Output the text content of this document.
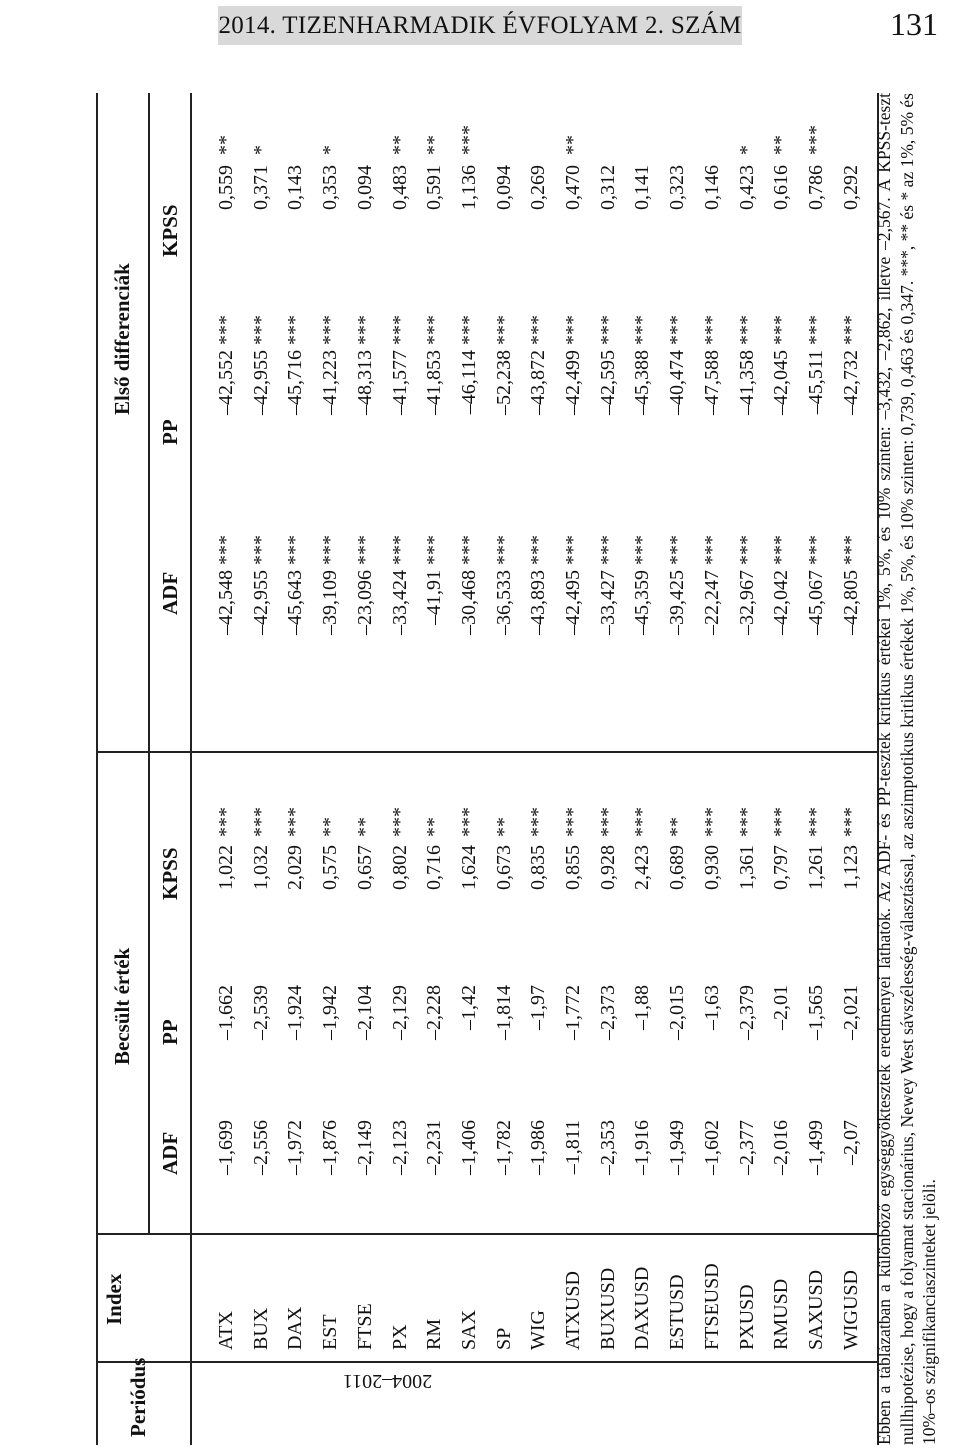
2014. TIZENHARMADIK ÉVFOLYAM 2. SZÁM	131
Periódus
Index
Becsült érték
Első differenciák
ADF
PP
KPSS
ADF
PP
KPSS
2004–2011
ATX
–1,699
–1,662
1,022
***
–42,548
***
–42,552
***
0,559
**
BUX
–2,556
–2,539
1,032
***
–42,955
***
–42,955
***
0,371
*
DAX
–1,972
–1,924
2,029
***
–45,643
***
–45,716
***
0,143
EST
–1,876
–1,942
0,575
**
–39,109
***
–41,223
***
0,353
*
FTSE
–2,149
–2,104
0,657
**
–23,096
***
–48,313
***
0,094
PX
–2,123
–2,129
0,802
***
–33,424
***
–41,577
***
0,483
**
RM
–2,231
–2,228
0,716
**
–41,91
***
–41,853
***
0,591
**
SAX
–1,406
–1,42
1,624
***
–30,468
***
–46,114
***
1,136
***
SP
–1,782
–1,814
0,673
**
–36,533
***
–52,238
***
0,094
WIG
–1,986
–1,97
0,835
***
–43,893
***
–43,872
***
0,269
ATXUSD
–1,811
–1,772
0,855
***
–42,495
***
–42,499
***
0,470
**
BUXUSD
–2,353
–2,373
0,928
***
–33,427
***
–42,595
***
0,312
DAXUSD
–1,916
–1,88
2,423
***
–45,359
***
–45,388
***
0,141
ESTUSD
–1,949
–2,015
0,689
**
–39,425
***
–40,474
***
0,323
FTSEUSD
–1,602
–1,63
0,930
***
–22,247
***
–47,588
***
0,146
PXUSD
–2,377
–2,379
1,361
***
–32,967
***
–41,358
***
0,423
*
RMUSD
–2,016
–2,01
0,797
***
–42,042
***
–42,045
***
0,616
**
SAXUSD
–1,499
–1,565
1,261
***
–45,067
***
–45,511
***
0,786
***
WIGUSD
–2,07
–2,021
1,123
***
–42,805
***
–42,732
***
0,292 Ebben a táblázatban a különböző egységgyöktesztek eredményei láthatók. Az ADF- és PP-tesztek kritikus értékei 1%, 5%, és 10% szinten: –3,432, –2,862, illetve –2,567. A KPSS-teszt nullhipotézise, hogy a folyamat stacionárius, Newey West sávszélesség-választással, az aszimptotikus kritikus értékek 1%, 5%, és 10% szinten: 0,739, 0,463 és 0,347. ***, ** és * az 1%, 5% és 10%–os szignifikanciaszinteket jelöli.
